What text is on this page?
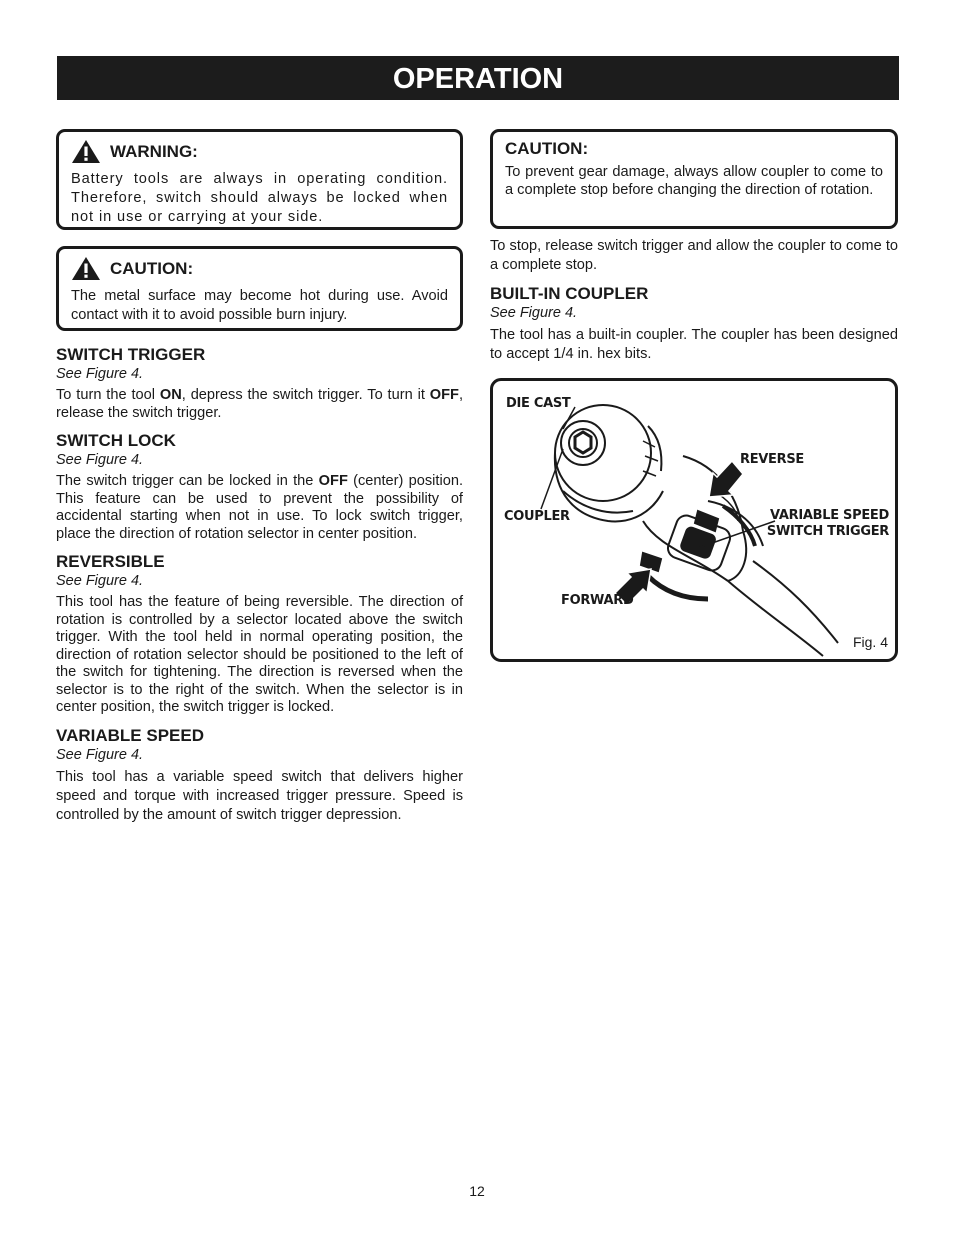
OPERATION
WARNING:
Battery tools are always in operating condition. Therefore, switch should always be locked when not in use or carrying at your side.
CAUTION:
The metal surface may become hot during use. Avoid contact with it to avoid possible burn injury.

SWITCH TRIGGER

See Figure 4.

To turn the tool ON, depress the switch trigger. To turn it OFF, release the switch trigger.

SWITCH LOCK

See Figure 4.

The switch trigger can be locked in the OFF (center) position. This feature can be used to prevent the possibility of accidental starting when not in use. To lock switch trigger, place the direction of rotation selector in center position.

REVERSIBLE

See Figure 4.

This tool has the feature of being reversible. The direction of rotation is controlled by a selector located above the switch trigger. With the tool held in normal operating position, the direction of rotation selector should be positioned to the left of the switch for tightening. The direction is reversed when the selector is to the right of the switch. When the selector is in center position, the switch trigger is locked.

VARIABLE SPEED

See Figure 4.

This tool has a variable speed switch that delivers higher speed and torque with increased trigger pressure. Speed is controlled by the amount of switch trigger depression.

CAUTION:
To prevent gear damage, always allow coupler to come to a complete stop before changing the direction of rotation.

To stop, release switch trigger and allow the coupler to come to a complete stop.

BUILT-IN COUPLER

See Figure 4.

The tool has a built-in coupler. The coupler has been designed to accept 1/4 in. hex bits.

DIE CAST
REVERSE
COUPLER	VARIABLE SPEED
SWITCH TRIGGER
FORWARD
Fig. 4
12
